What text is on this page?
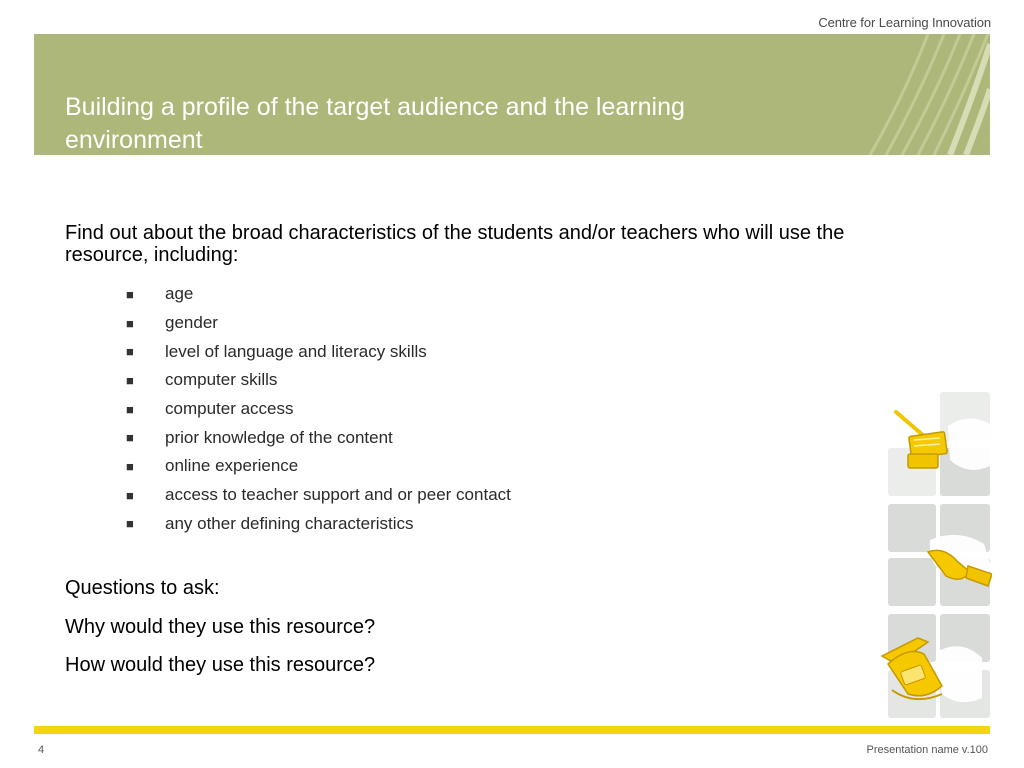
Centre for Learning Innovation
Building a profile of the target audience and the learning environment

Find out about the broad characteristics of the students and/or teachers who will use the resource, including:

■	age
■	gender
■	level of language and literacy skills
■	computer skills
■	computer access
■	prior knowledge of the content
■	online experience
■	access to teacher support and or peer contact
■	any other defining characteristics

Questions to ask:

Why would they use this resource?

How would they use this resource?

4	Presentation name v.100
